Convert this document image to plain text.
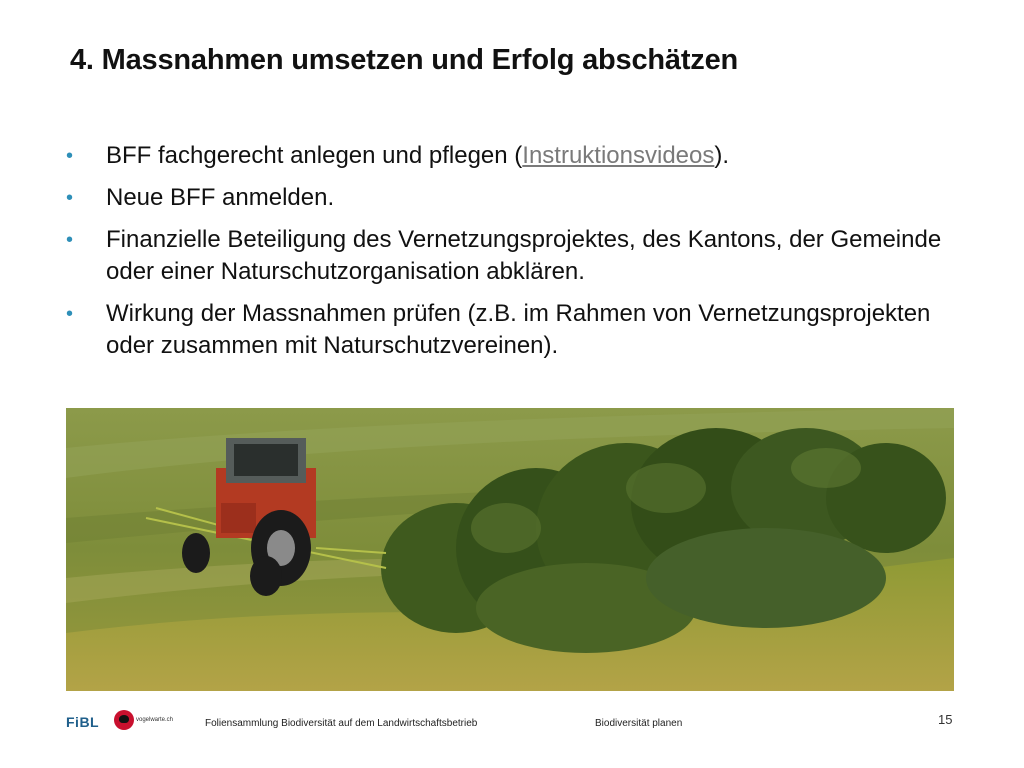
4. Massnahmen umsetzen und Erfolg abschätzen
• BFF fachgerecht anlegen und pflegen (Instruktionsvideos).
• Neue BFF anmelden.
• Finanzielle Beteiligung des Vernetzungsprojektes, des Kantons, der Gemeinde oder einer Naturschutzorganisation abklären.
• Wirkung der Massnahmen prüfen (z.B. im Rahmen von Vernetzungsprojekten oder zusammen mit Naturschutzvereinen).
FiBL	vogelwarte.ch	Foliensammlung Biodiversität auf dem Landwirtschaftsbetrieb	Biodiversität planen	15
